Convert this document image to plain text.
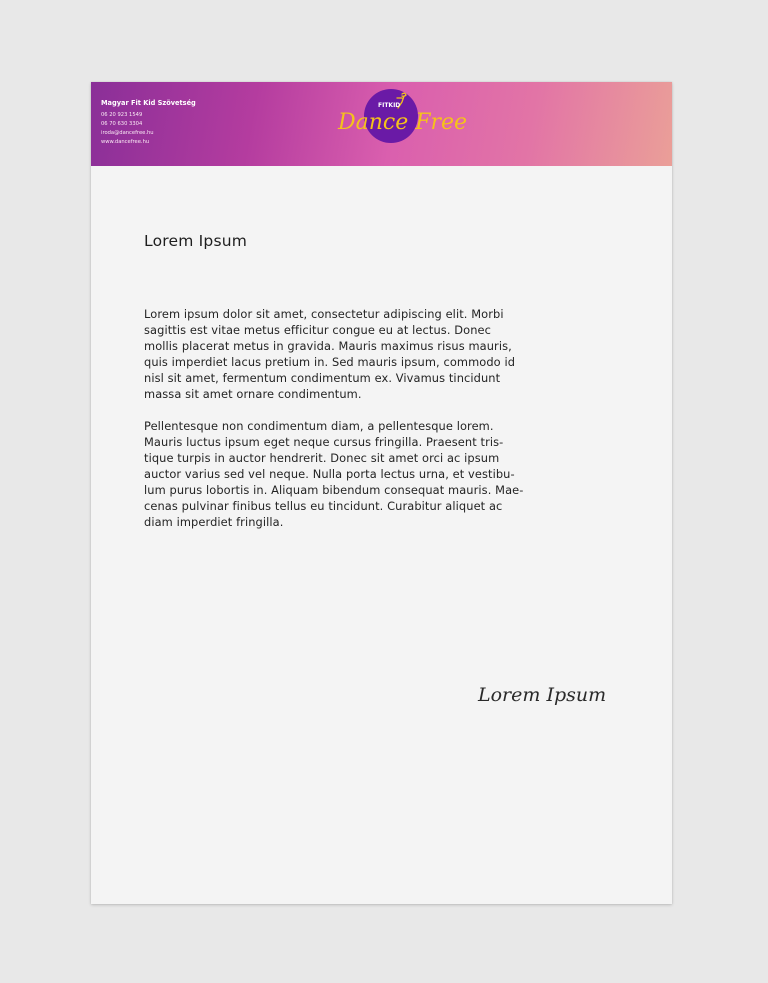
Magyar Fit Kid Szövetség
06 20 923 1549
06 70 630 3304
iroda@dancefree.hu
www.dancefree.hu
FITKID
Dance Free
Lorem Ipsum

Lorem ipsum dolor sit amet, consectetur adipiscing elit. Morbi
sagittis est vitae metus efficitur congue eu at lectus. Donec
mollis placerat metus in gravida. Mauris maximus risus mauris,
quis imperdiet lacus pretium in. Sed mauris ipsum, commodo id
nisl sit amet, fermentum condimentum ex. Vivamus tincidunt
massa sit amet ornare condimentum.

Pellentesque non condimentum diam, a pellentesque lorem.
Mauris luctus ipsum eget neque cursus fringilla. Praesent tris-
tique turpis in auctor hendrerit. Donec sit amet orci ac ipsum
auctor varius sed vel neque. Nulla porta lectus urna, et vestibu-
lum purus lobortis in. Aliquam bibendum consequat mauris. Mae-
cenas pulvinar finibus tellus eu tincidunt. Curabitur aliquet ac
diam imperdiet fringilla.

Lorem Ipsum
